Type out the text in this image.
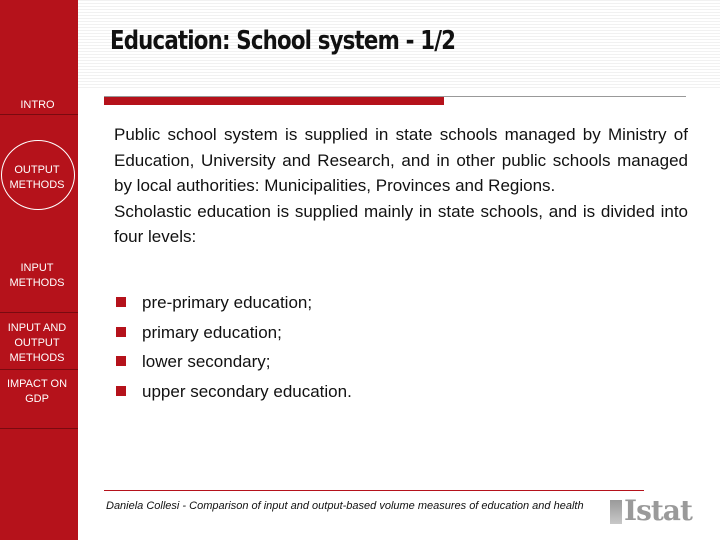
INTRO
OUTPUT METHODS
INPUT METHODS
INPUT AND OUTPUT METHODS
IMPACT ON GDP
Education: School system - 1/2

Public school system is supplied in state schools managed by Ministry of Education, University and Research, and in other public schools managed by local authorities: Municipalities, Provinces and Regions.

Scholastic education is supplied mainly in state schools, and is divided into four levels:

pre-primary education;
primary education;
lower secondary;
upper secondary education.
Daniela Collesi - Comparison of input and output-based volume measures of education and health Istat
